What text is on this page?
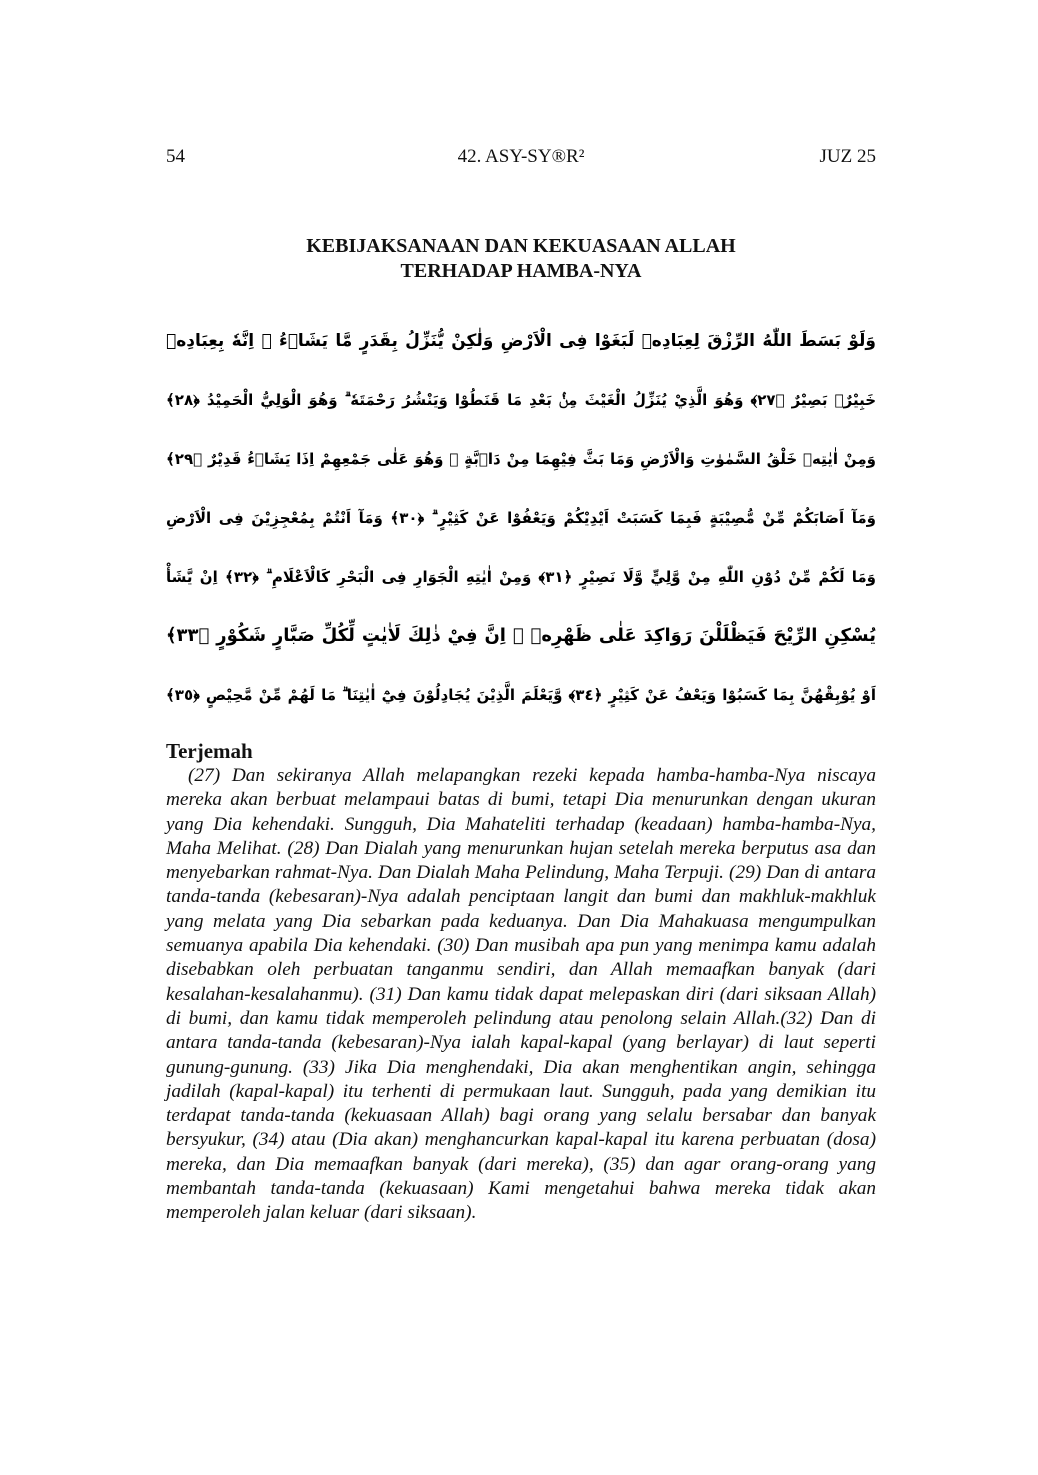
42. ASY-SY®R²
54	JUZ 25
KEBIJAKSANAAN DAN KEKUASAAN ALLAH
TERHADAP HAMBA-NYA
وَلَوْ بَسَطَ اللّٰهُ الرِّزْقَ لِعِبَادِهٖ لَبَغَوْا فِى الْاَرْضِ وَلٰكِنْ يُّنَزِّلُ بِقَدَرٍ مَّا يَشَاۤءُ ۗ اِنَّهٗ بِعِبَادِهٖ
خَبِيْرٌۢ بَصِيْرٌ ﴿٢٧﴾ وَهُوَ الَّذِيْ يُنَزِّلُ الْغَيْثَ مِنْۢ بَعْدِ مَا قَنَطُوْا وَيَنْشُرُ رَحْمَتَهٗ ۗ وَهُوَ الْوَلِيُّ الْحَمِيْدُ ﴿٢٨﴾
وَمِنْ اٰيٰتِهٖ خَلْقُ السَّمٰوٰتِ وَالْاَرْضِ وَمَا بَثَّ فِيْهِمَا مِنْ دَاۤبَّةٍ ۗ وَهُوَ عَلٰى جَمْعِهِمْ اِذَا يَشَاۤءُ قَدِيْرٌ ﴿٢٩﴾
وَمَآ اَصَابَكُمْ مِّنْ مُّصِيْبَةٍ فَبِمَا كَسَبَتْ اَيْدِيْكُمْ وَيَعْفُوْا عَنْ كَثِيْرٍ ۗ ﴿٣٠﴾ وَمَآ اَنْتُمْ بِمُعْجِزِيْنَ فِى الْاَرْضِ
وَمَا لَكُمْ مِّنْ دُوْنِ اللّٰهِ مِنْ وَّلِيٍّ وَّلَا نَصِيْرٍ ﴿٣١﴾ وَمِنْ اٰيٰتِهِ الْجَوَارِ فِى الْبَحْرِ كَالْاَعْلَامِ ۗ ﴿٣٢﴾ اِنْ يَّشَأْ
يُسْكِنِ الرِّيْحَ فَيَظْلَلْنَ رَوَاكِدَ عَلٰى ظَهْرِهٖ ۗ اِنَّ فِيْ ذٰلِكَ لَاٰيٰتٍ لِّكُلِّ صَبَّارٍ شَكُوْرٍ ﴿٣٣﴾
اَوْ يُوْبِقْهُنَّ بِمَا كَسَبُوْا وَيَعْفُ عَنْ كَثِيْرٍ ﴿٣٤﴾ وَّيَعْلَمَ الَّذِيْنَ يُجَادِلُوْنَ فِيْٓ اٰيٰتِنَا ۗ مَا لَهُمْ مِّنْ مَّحِيْصٍ ﴿٣٥﴾
Terjemah

(27) Dan sekiranya Allah melapangkan rezeki kepada hamba-hamba-Nya niscaya mereka akan berbuat melampaui batas di bumi, tetapi Dia menurunkan dengan ukuran yang Dia kehendaki. Sungguh, Dia Mahateliti terhadap (keadaan) hamba-hamba-Nya, Maha Melihat. (28) Dan Dialah yang menurunkan hujan setelah mereka berputus asa dan menyebarkan rahmat-Nya. Dan Dialah Maha Pelindung, Maha Terpuji. (29) Dan di antara tanda-tanda (kebesaran)-Nya adalah penciptaan langit dan bumi dan makhluk-makhluk yang melata yang Dia sebarkan pada keduanya. Dan Dia Mahakuasa mengumpulkan semuanya apabila Dia kehendaki. (30) Dan musibah apa pun yang menimpa kamu adalah disebabkan oleh perbuatan tanganmu sendiri, dan Allah memaafkan banyak (dari kesalahan-kesalahanmu). (31) Dan kamu tidak dapat melepaskan diri (dari siksaan Allah) di bumi, dan kamu tidak memperoleh pelindung atau penolong selain Allah.(32) Dan di antara tanda-tanda (kebesaran)-Nya ialah kapal-kapal (yang berlayar) di laut seperti gunung-gunung. (33) Jika Dia menghendaki, Dia akan menghentikan angin, sehingga jadilah (kapal-kapal) itu terhenti di permukaan laut. Sungguh, pada yang demikian itu terdapat tanda-tanda (kekuasaan Allah) bagi orang yang selalu bersabar dan banyak bersyukur, (34) atau (Dia akan) menghancurkan kapal-kapal itu karena perbuatan (dosa) mereka, dan Dia memaafkan banyak (dari mereka), (35) dan agar orang-orang yang membantah tanda-tanda (kekuasaan) Kami mengetahui bahwa mereka tidak akan memperoleh jalan keluar (dari siksaan).
